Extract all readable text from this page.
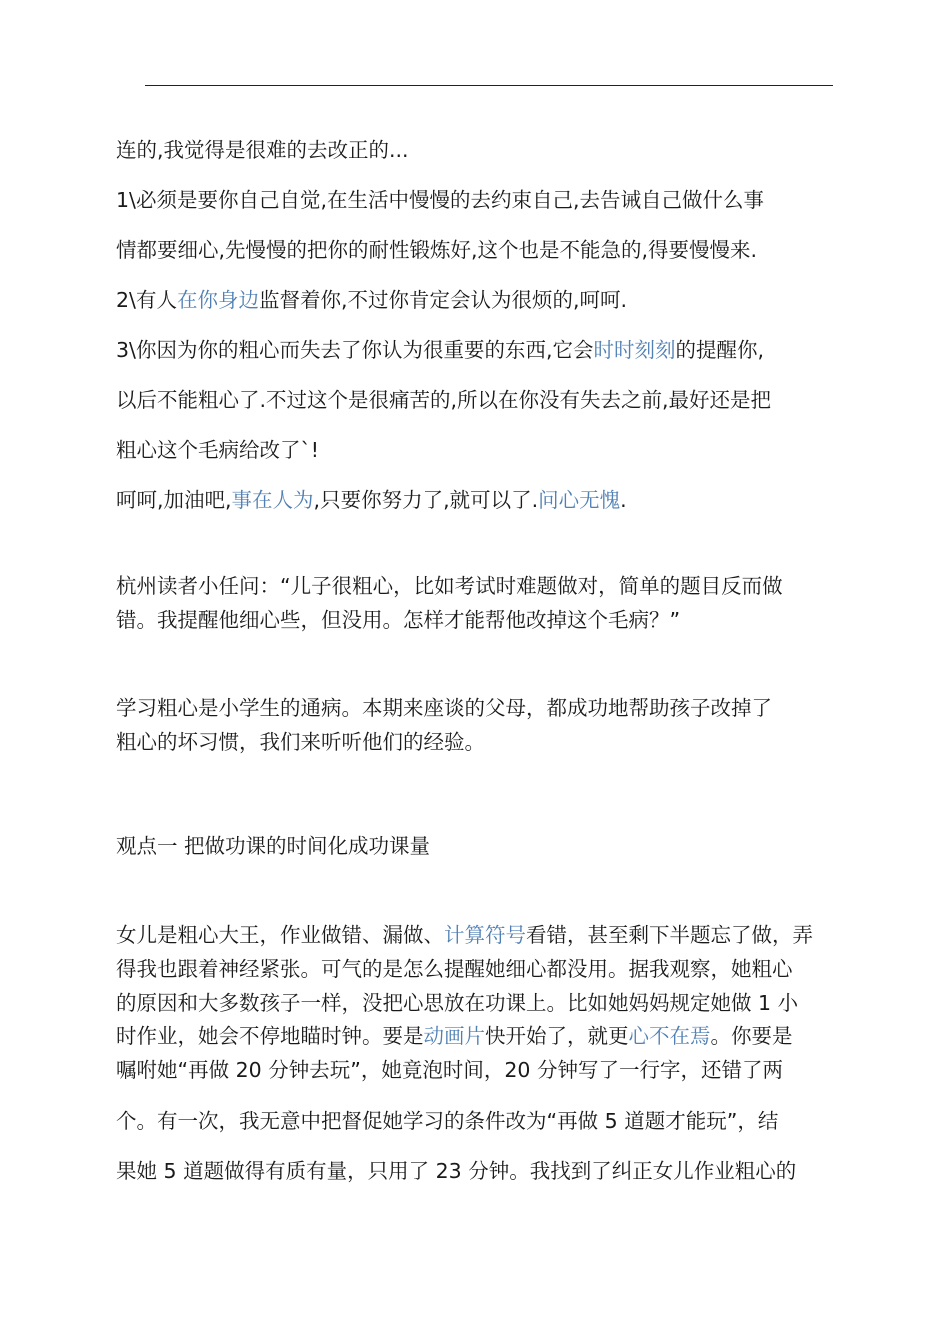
连的,我觉得是很难的去改正的...
1\必须是要你自己自觉,在生活中慢慢的去约束自己,去告诫自己做什么事
情都要细心,先慢慢的把你的耐性锻炼好,这个也是不能急的,得要慢慢来.
2\有人在你身边监督着你,不过你肯定会认为很烦的,呵呵.
3\你因为你的粗心而失去了你认为很重要的东西,它会时时刻刻的提醒你,
以后不能粗心了.不过这个是很痛苦的,所以在你没有失去之前,最好还是把
粗心这个毛病给改了`!
呵呵,加油吧,事在人为,只要你努力了,就可以了.问心无愧.
杭州读者小任问：“儿子很粗心，比如考试时难题做对，简单的题目反而做
错。我提醒他细心些，但没用。怎样才能帮他改掉这个毛病？”
学习粗心是小学生的通病。本期来座谈的父母，都成功地帮助孩子改掉了
粗心的坏习惯，我们来听听他们的经验。
观点一 把做功课的时间化成功课量
女儿是粗心大王，作业做错、漏做、计算符号看错，甚至剩下半题忘了做，弄
得我也跟着神经紧张。可气的是怎么提醒她细心都没用。据我观察，她粗心
的原因和大多数孩子一样，没把心思放在功课上。比如她妈妈规定她做 1 小
时作业，她会不停地瞄时钟。要是动画片快开始了，就更心不在焉。你要是
嘱咐她“再做 20 分钟去玩”，她竟泡时间，20 分钟写了一行字，还错了两
个。有一次，我无意中把督促她学习的条件改为“再做 5 道题才能玩”，结
果她 5 道题做得有质有量，只用了 23 分钟。我找到了纠正女儿作业粗心的
